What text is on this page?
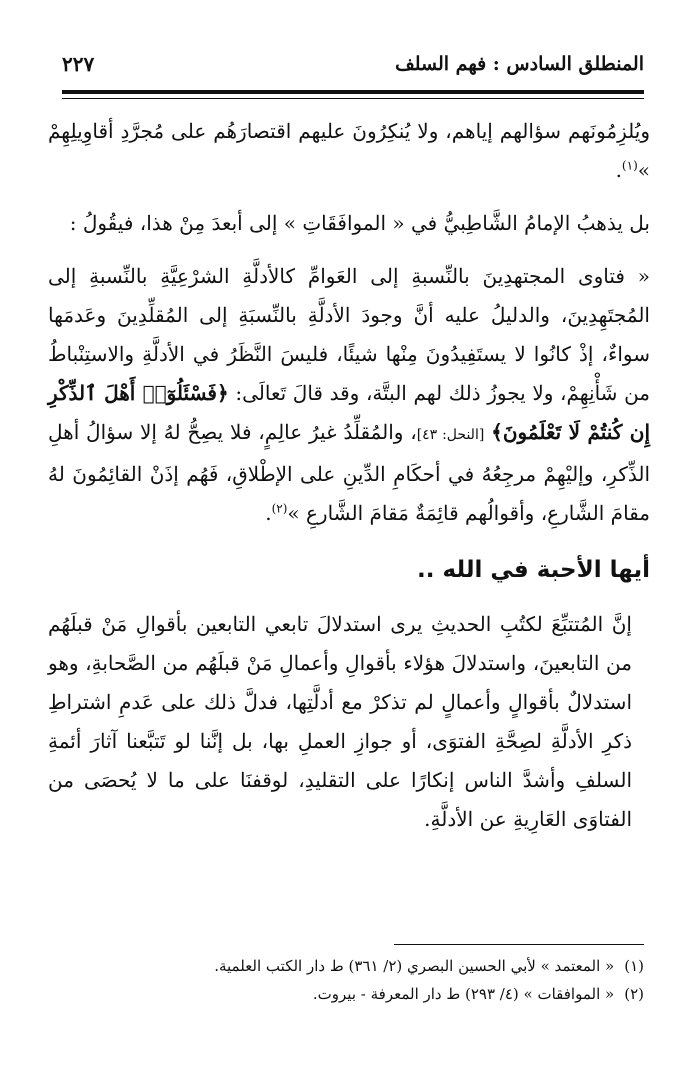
المنطلق السادس : فهم السلف
٢٢٧

ويُلزِمُونَهم سؤالهم إياهم، ولا يُنكِرُونَ عليهم اقتصارَهُم على مُجرَّدِ أقاوِيلِهِمْ »$^{(١)}$.

بل يذهبُ الإمامُ الشَّاطِبيُّ في « الموافَقَاتِ » إلى أبعدَ مِنْ هذا، فيقُولُ :

« فتاوى المجتهدِينَ بالنِّسبةِ إلى العَوامِّ كالأدلَّةِ الشرْعِيَّةِ بالنِّسبةِ إلى المُجتَهِدِينَ، والدليلُ عليه أنَّ وجودَ الأدلَّةِ بالنِّسبَةِ إلى المُقلِّدِينَ وعَدمَها سواءٌ، إذْ كانُوا لا يستَفِيدُونَ مِنْها شيئًا، فليسَ النَّظَرُ في الأدلَّةِ والاستِنْباطُ من شَأْنِهِمْ، ولا يجوزُ ذلك لهم البتَّة، وقد قالَ تَعالَى: ﴿فَسْئَلُوٓا۟ أَهْلَ ٱلذِّكْرِ إِن كُنتُمْ لَا تَعْلَمُونَ﴾ [النحل: ٤٣]، والمُقلِّدُ غيرُ عالِمٍ، فلا يصِحُّ لهُ إلا سؤالُ أهلِ الذِّكرِ، وإليْهِمْ مرجِعُهُ في أحكَامِ الدِّينِ على الإطْلاقِ، فَهُم إذَنْ القائِمُونَ لهُ مقامَ الشَّارعِ، وأقوالُهم قائِمَةٌ مَقامَ الشَّارعِ »$^{(٢)}$.

أيها الأحبة في الله ..

إنَّ المُتتبِّعَ لكتُبِ الحديثِ يرى استدلالَ تابعي التابعين بأقوالِ مَنْ قبلَهُم من التابعينَ، واستدلالَ هؤلاء بأقوالِ وأعمالِ مَنْ قبلَهُم من الصَّحابةِ، وهو استدلالٌ بأقوالٍ وأعمالٍ لم تذكرْ مع أدلَّتِها، فدلَّ ذلك على عَدمِ اشتراطِ ذكرِ الأدلَّةِ لصِحَّةِ الفتوَى، أو جوازِ العملِ بها، بل إنَّنا لو تَتبَّعنا آثارَ أئمةِ السلفِ وأشدَّ الناس إنكارًا على التقليدِ، لوقفنَا على ما لا يُحصَى من الفتاوَى العَارِيةِ عن الأدلَّةِ.

(١)« المعتمد » لأبي الحسين البصري (٢/ ٣٦١) ط دار الكتب العلمية.
(٢)« الموافقات » (٤/ ٢٩٣) ط دار المعرفة - بيروت.
